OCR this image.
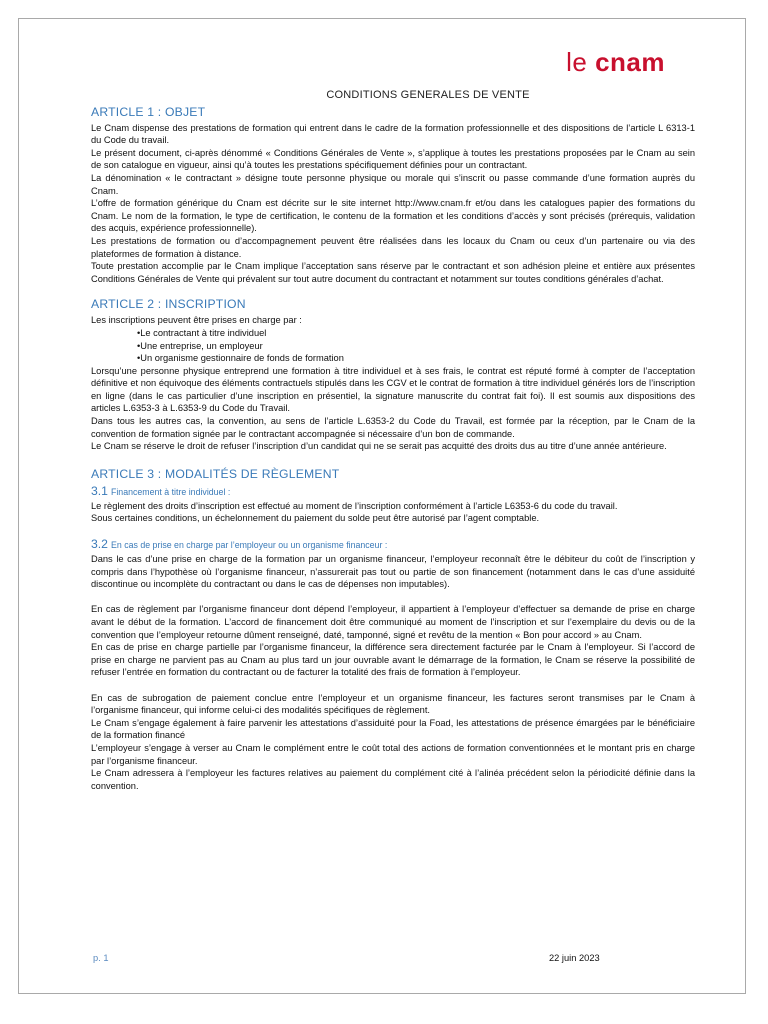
le cnam
CONDITIONS GENERALES DE VENTE
ARTICLE 1 : OBJET

Le Cnam dispense des prestations de formation qui entrent dans le cadre de la formation professionnelle et des dispositions de l’article L 6313-1 du Code du travail.

Le présent document, ci-après dénommé « Conditions Générales de Vente », s’applique à toutes les prestations proposées par le Cnam au sein de son catalogue en vigueur, ainsi qu’à toutes les prestations spécifiquement définies pour un contractant.

La dénomination « le contractant » désigne toute personne physique ou morale qui s’inscrit ou passe commande d’une formation auprès du Cnam.

L’offre de formation générique du Cnam est décrite sur le site internet http://www.cnam.fr et/ou dans les catalogues papier des formations du Cnam. Le nom de la formation, le type de certification, le contenu de la formation et les conditions d’accès y sont précisés (prérequis, validation des acquis, expérience professionnelle).

Les prestations de formation ou d’accompagnement peuvent être réalisées dans les locaux du Cnam ou ceux d’un partenaire ou via des plateformes de formation à distance.

Toute prestation accomplie par le Cnam implique l’acceptation sans réserve par le contractant et son adhésion pleine et entière aux présentes Conditions Générales de Vente qui prévalent sur tout autre document du contractant et notamment sur toutes conditions générales d’achat.

ARTICLE 2 : INSCRIPTION

Les inscriptions peuvent être prises en charge par :

•Le contractant à titre individuel
•Une entreprise, un employeur
•Un organisme gestionnaire de fonds de formation

Lorsqu’une personne physique entreprend une formation à titre individuel et à ses frais, le contrat est réputé formé à compter de l’acceptation définitive et non équivoque des éléments contractuels stipulés dans les CGV et le contrat de formation à titre individuel générés lors de l’inscription en ligne (dans le cas particulier d’une inscription en présentiel, la signature manuscrite du contrat fait foi). Il est soumis aux dispositions des articles L.6353-3 à L.6353-9 du Code du Travail.

Dans tous les autres cas, la convention, au sens de l’article L.6353-2 du Code du Travail, est formée par la réception, par le Cnam de la convention de formation signée par le contractant accompagnée si nécessaire d’un bon de commande.

Le Cnam se réserve le droit de refuser l’inscription d’un candidat qui ne se serait pas acquitté des droits dus au titre d’une année antérieure.

ARTICLE 3 : MODALITÉS DE RÈGLEMENT
3.1 Financement à titre individuel :

Le règlement des droits d’inscription est effectué au moment de l’inscription conformément à l’article L6353-6 du code du travail.

Sous certaines conditions, un échelonnement du paiement du solde peut être autorisé par l’agent comptable.

3.2 En cas de prise en charge par l’employeur ou un organisme financeur :

Dans le cas d’une prise en charge de la formation par un organisme financeur, l’employeur reconnaît être le débiteur du coût de l’inscription y compris dans l’hypothèse où l’organisme financeur, n’assurerait pas tout ou partie de son financement (notamment dans le cas d’une assiduité discontinue ou incomplète du contractant ou dans le cas de dépenses non imputables).

En cas de règlement par l’organisme financeur dont dépend l’employeur, il appartient à l’employeur d’effectuer sa demande de prise en charge avant le début de la formation. L’accord de financement doit être communiqué au moment de l’inscription et sur l’exemplaire du devis ou de la convention que l’employeur retourne dûment renseigné, daté, tamponné, signé et revêtu de la mention « Bon pour accord » au Cnam.

En cas de prise en charge partielle par l’organisme financeur, la différence sera directement facturée par le Cnam à l’employeur. Si l’accord de prise en charge ne parvient pas au Cnam au plus tard un jour ouvrable avant le démarrage de la formation, le Cnam se réserve la possibilité de refuser l’entrée en formation du contractant ou de facturer la totalité des frais de formation à l’employeur.

En cas de subrogation de paiement conclue entre l’employeur et un organisme financeur, les factures seront transmises par le Cnam à l’organisme financeur, qui informe celui-ci des modalités spécifiques de règlement.

Le Cnam s’engage également à faire parvenir les attestations d’assiduité pour la Foad, les attestations de présence émargées par le bénéficiaire de la formation financé

L’employeur s’engage à verser au Cnam le complément entre le coût total des actions de formation conventionnées et le montant pris en charge par l’organisme financeur.

Le Cnam adressera à l’employeur les factures relatives au paiement du complément cité à l’alinéa précédent selon la périodicité définie dans la convention.

p. 1	22 juin 2023
